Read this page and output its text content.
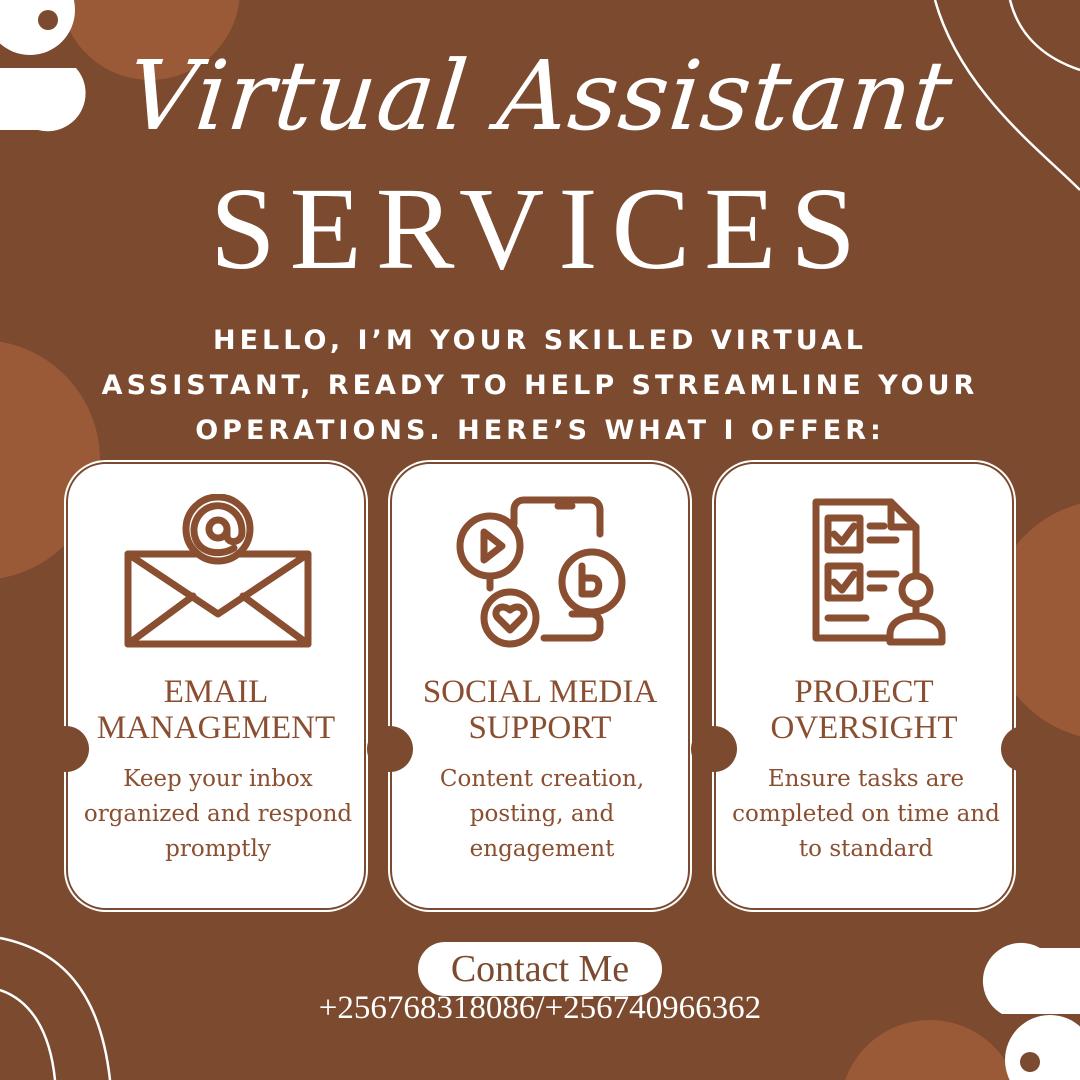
Virtual Assistant
SERVICES
HELLO, I’M YOUR SKILLED VIRTUAL ASSISTANT, READY TO HELP STREAMLINE YOUR OPERATIONS. HERE’S WHAT I OFFER:
EMAIL
MANAGEMENT

Keep your inbox organized and respond promptly

SOCIAL MEDIA
SUPPORT

Content creation, posting, and engagement

PROJECT
OVERSIGHT

Ensure tasks are completed on time and to standard

Contact Me
+256768318086/+256740966362
